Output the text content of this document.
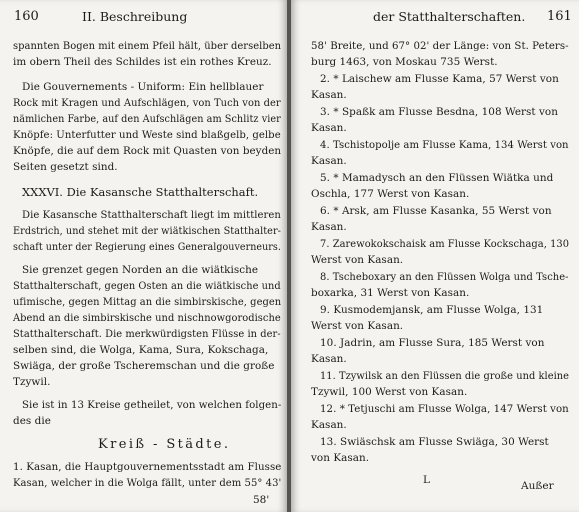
160	II. Beschreibung
spannten Bogen mit einem Pfeil hält, über derselben
im obern Theil des Schildes ist ein rothes Kreuz.
Die Gouvernements - Uniform: Ein hellblauer
Rock mit Kragen und Aufschlägen, von Tuch von der
nämlichen Farbe, auf den Aufschlägen am Schlitz vier
Knöpfe: Unterfutter und Weste sind blaßgelb, gelbe
Knöpfe, die auf dem Rock mit Quasten von beyden
Seiten gesetzt sind.
XXXVI. Die Kasansche Statthalterschaft.
Die Kasansche Statthalterschaft liegt im mittleren
Erdstrich, und stehet mit der wiätkischen Statthalter-
schaft unter der Regierung eines Generalgouverneurs.
Sie grenzet gegen Norden an die wiätkische
Statthalterschaft, gegen Osten an die wiätkische und
ufimische, gegen Mittag an die simbirskische, gegen
Abend an die simbirskische und nischnowgorodische
Statthalterschaft. Die merkwürdigsten Flüsse in der-
selben sind, die Wolga, Kama, Sura, Kokschaga,
Swiäga, der große Tscheremschan und die große
Tzywil.
Sie ist in 13 Kreise getheilet, von welchen folgen-
des die
Kreiß - Städte.
1. Kasan, die Hauptgouvernementsstadt am Flusse
Kasan, welcher in die Wolga fällt, unter dem 55° 43'
58'
der Statthalterschaften. 161
58' Breite, und 67° 02' der Länge: von St. Peters-
burg 1463, von Moskau 735 Werst.
2. * Laischew am Flusse Kama, 57 Werst von
Kasan.
3. * Spaßk am Flusse Besdna, 108 Werst von
Kasan.
4. Tschistopolje am Flusse Kama, 134 Werst von
Kasan.
5. * Mamadysch an den Flüssen Wiätka und
Oschla, 177 Werst von Kasan.
6. * Arsk, am Flusse Kasanka, 55 Werst von
Kasan.
7. Zarewokokschaisk am Flusse Kockschaga, 130
Werst von Kasan.
8. Tscheboxary an den Flüssen Wolga und Tsche-
boxarka, 31 Werst von Kasan.
9. Kusmodemjansk, am Flusse Wolga, 131
Werst von Kasan.
10. Jadrin, am Flusse Sura, 185 Werst von
Kasan.
11. Tzywilsk an den Flüssen die große und kleine
Tzywil, 100 Werst von Kasan.
12. * Tetjuschi am Flusse Wolga, 147 Werst von
Kasan.
13. Swiäschsk am Flusse Swiäga, 30 Werst
von Kasan.
L	Außer
